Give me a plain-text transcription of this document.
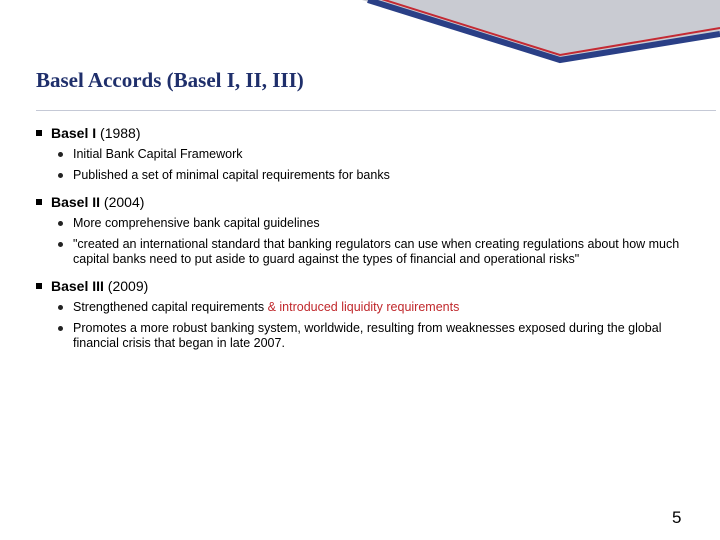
Basel Accords (Basel I, II, III)
Basel I (1988)
Initial Bank Capital Framework
Published a set of minimal capital requirements for banks
Basel II (2004)
More comprehensive bank capital guidelines
"created an international standard that banking regulators can use when creating regulations about how much capital banks need to put aside to guard against the types of financial and operational risks"
Basel III (2009)
Strengthened capital requirements & introduced liquidity requirements
Promotes a more robust banking system, worldwide, resulting from weaknesses exposed during the global financial crisis that began in late 2007.
5
